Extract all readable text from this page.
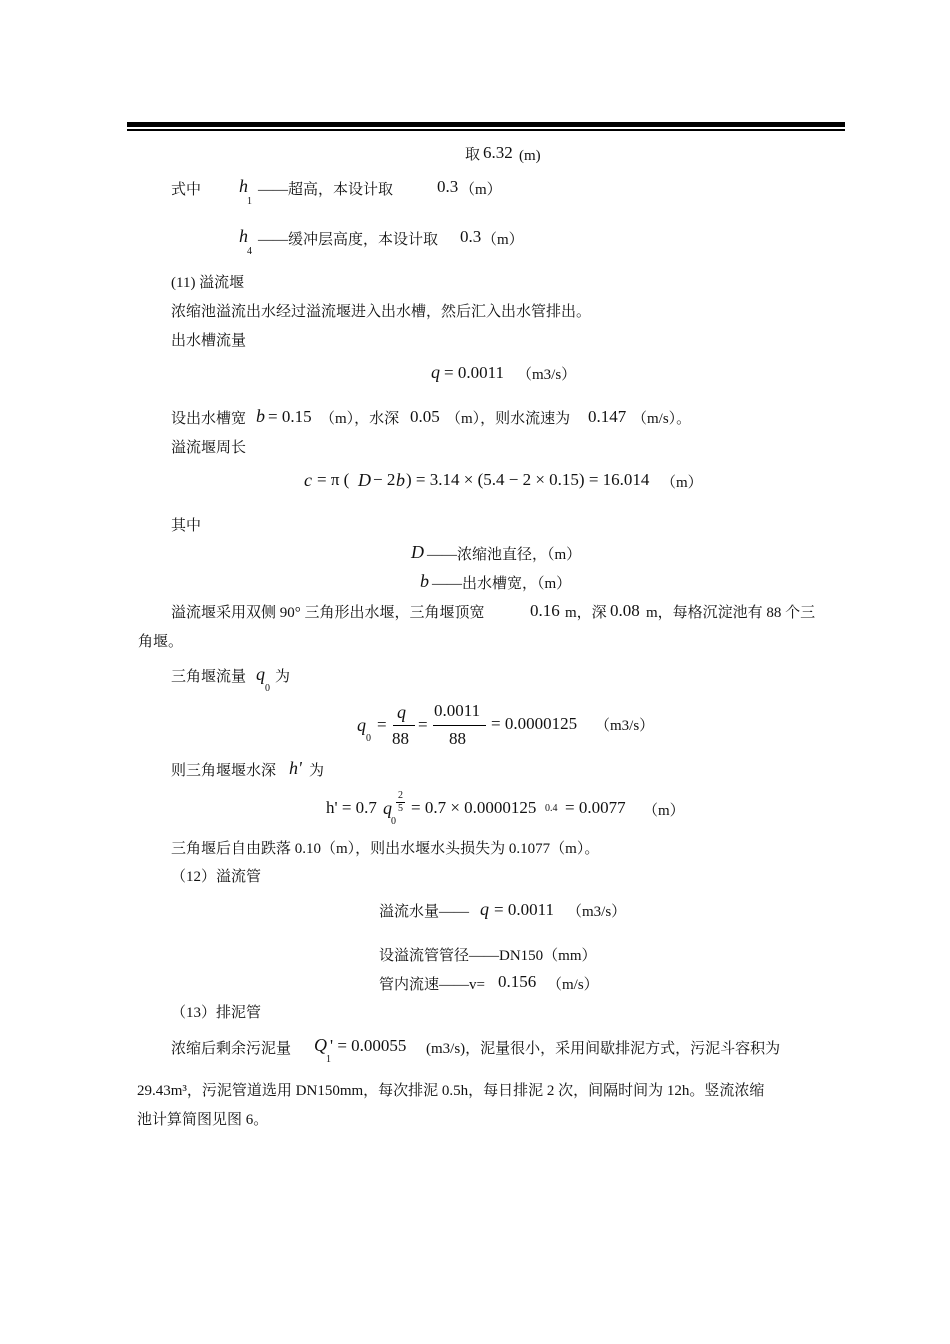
取 6.32 (m)
式中 h
1
——超高，本设计取	0.3 （m）
h
4
——缓冲层高度，本设计取 0.3 （m）
(11) 溢流堰
浓缩池溢流出水经过溢流堰进入出水槽，然后汇入出水管排出。
出水槽流量
q = 0.0011 （m3/s）
设出水槽宽 b = 0.15 （m），水深 0.05 （m），则水流速为 0.147 （m/s）。
溢流堰周长
c = π ( D − 2 b ) = 3.14 × (5.4 − 2 × 0.15) = 16.014 （m）
其中
D ——浓缩池直径，（m）
b ——出水槽宽，（m）
溢流堰采用双侧 90° 三角形出水堰，三角堰顶宽	0.16 m，深 0.08 m，每格沉淀池有 88 个三
角堰。
三角堰流量 q
0
为
q
0
=
q
88
=
0.0011
88
= 0.0000125 （m3/s）
则三角堰堰水深 h' 为
h' = 0.7 q
0
2
5 = 0.7 × 0.0000125 0.4 = 0.0077 （m）
三角堰后自由跌落 0.10（m），则出水堰水头损失为 0.1077（m）。
（12）溢流管
溢流水量—— q = 0.0011 （m3/s）
设溢流管管径——DN150（mm）
管内流速——v= 0.156 （m/s）
（13）排泥管
浓缩后剩余污泥量 Q
1
' = 0.00055 (m3/s)，泥量很小，采用间歇排泥方式，污泥斗容积为
29.43m³，污泥管道选用 DN150mm，每次排泥 0.5h，每日排泥 2 次，间隔时间为 12h。竖流浓缩
池计算简图见图 6。
